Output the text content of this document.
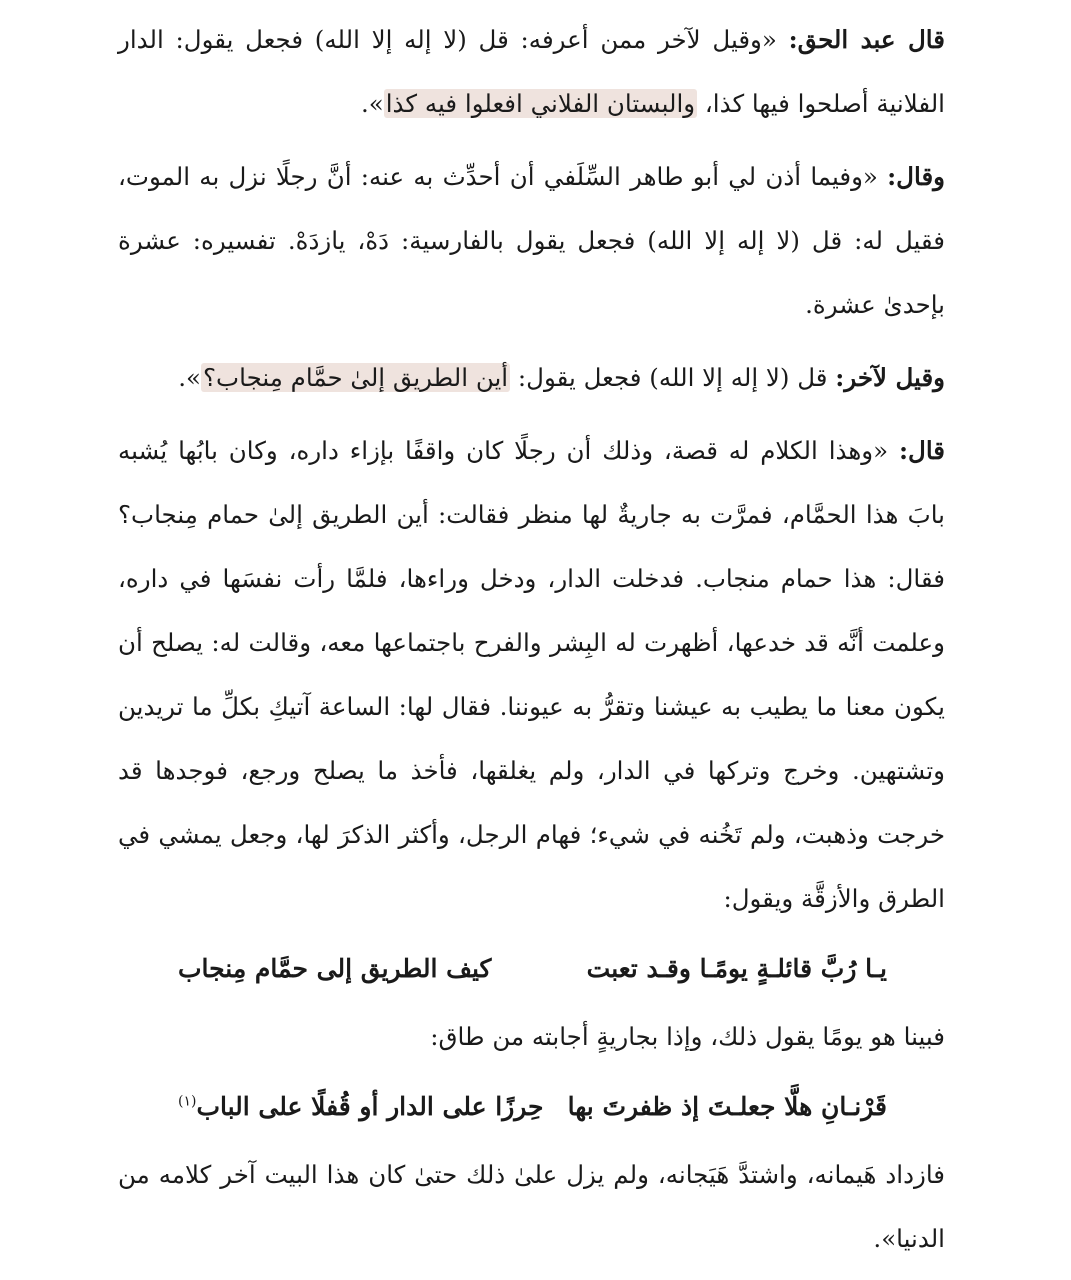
قال عبد الحق: «وقيل لآخر ممن أعرفه: قل (لا إله إلا الله) فجعل يقول: الدار الفلانية أصلحوا فيها كذا، والبستان الفلاني افعلوا فيه كذا».

وقال: «وفيما أذن لي أبو طاهر السِّلَفي أن أحدِّث به عنه: أنَّ رجلًا نزل به الموت، فقيل له: قل (لا إله إلا الله) فجعل يقول بالفارسية: دَهْ، يازدَهْ. تفسيره: عشرة بإحدىٰ عشرة.

وقيل لآخر: قل (لا إله إلا الله) فجعل يقول: أين الطريق إلىٰ حمَّام مِنجاب؟».

قال: «وهذا الكلام له قصة، وذلك أن رجلًا كان واقفًا بإزاء داره، وكان بابُها يُشبه بابَ هذا الحمَّام، فمرَّت به جاريةٌ لها منظر فقالت: أين الطريق إلىٰ حمام مِنجاب؟ فقال: هذا حمام منجاب. فدخلت الدار، ودخل وراءها، فلمَّا رأت نفسَها في داره، وعلمت أنَّه قد خدعها، أظهرت له البِشر والفرح باجتماعها معه، وقالت له: يصلح أن يكون معنا ما يطيب به عيشنا وتقرُّ به عيوننا. فقال لها: الساعة آتيكِ بكلِّ ما تريدين وتشتهين. وخرج وتركها في الدار، ولم يغلقها، فأخذ ما يصلح ورجع، فوجدها قد خرجت وذهبت، ولم تَخُنه في شيء؛ فهام الرجل، وأكثر الذكرَ لها، وجعل يمشي في الطرق والأزقَّة ويقول:

يـا رُبَّ قائلـةٍ يومًـا وقـد تعبت
كيف الطريق إلى حمَّام مِنجاب

فبينا هو يومًا يقول ذلك، وإذا بجاريةٍ أجابته من طاق:

قَرْنـانِ هلَّا جعلـتَ إذ ظفرتَ بها
حِرزًا على الدار أو قُفلًا على الباب$^{(١)}$

فازداد هَيمانه، واشتدَّ هَيَجانه، ولم يزل علىٰ ذلك حتىٰ كان هذا البيت آخر كلامه من الدنيا».
